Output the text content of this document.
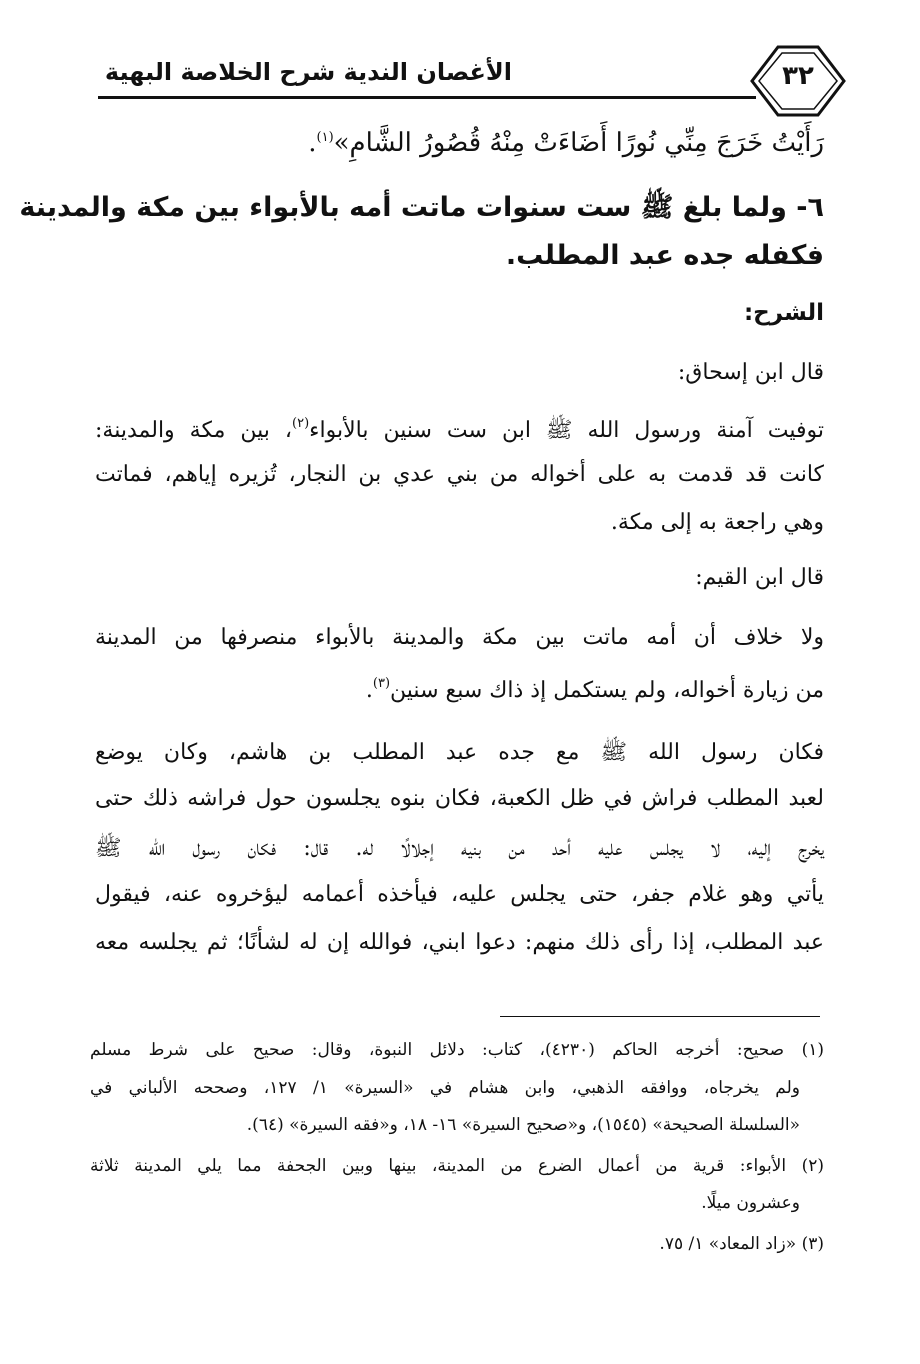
الأغصان الندية شرح الخلاصة البهية	٣٢
رَأَيْتُ خَرَجَ مِنِّي نُورًا أَضَاءَتْ مِنْهُ قُصُورُ الشَّامِ»$^{(١)}$.
٦- ولما بلغ ﷺ ست سنوات ماتت أمه بالأبواء بين مكة والمدينة
فكفله جده عبد المطلب.
الشرح:
قال ابن إسحاق:
توفيت آمنة ورسول الله ﷺ ابن ست سنين بالأبواء$^{(٢)}$، بين مكة والمدينة:
كانت قد قدمت به على أخواله من بني عدي بن النجار، تُزيره إياهم، فماتت
وهي راجعة به إلى مكة.
قال ابن القيم:
ولا خلاف أن أمه ماتت بين مكة والمدينة بالأبواء منصرفها من المدينة
من زيارة أخواله، ولم يستكمل إذ ذاك سبع سنين$^{(٣)}$.
فكان رسول الله ﷺ مع جده عبد المطلب بن هاشم، وكان يوضع
لعبد المطلب فراش في ظل الكعبة، فكان بنوه يجلسون حول فراشه ذلك حتى
يخرج إليه، لا يجلس عليه أحد من بنيه إجلالًا له. قال: فكان رسول الله ﷺ
يأتي وهو غلام جفر، حتى يجلس عليه، فيأخذه أعمامه ليؤخروه عنه، فيقول
عبد المطلب، إذا رأى ذلك منهم: دعوا ابني، فوالله إن له لشأنًا؛ ثم يجلسه معه
(١) صحيح: أخرجه الحاكم (٤٢٣٠)، كتاب: دلائل النبوة، وقال: صحيح على شرط مسلم
ولم يخرجاه، ووافقه الذهبي، وابن هشام في «السيرة» ١/ ١٢٧، وصححه الألباني في
«السلسلة الصحيحة» (١٥٤٥)، و«صحيح السيرة» ١٦- ١٨، و«فقه السيرة» (٦٤).
(٢) الأبواء: قرية من أعمال الضرع من المدينة، بينها وبين الجحفة مما يلي المدينة ثلاثة
وعشرون ميلًا.
(٣) «زاد المعاد» ١/ ٧٥.
